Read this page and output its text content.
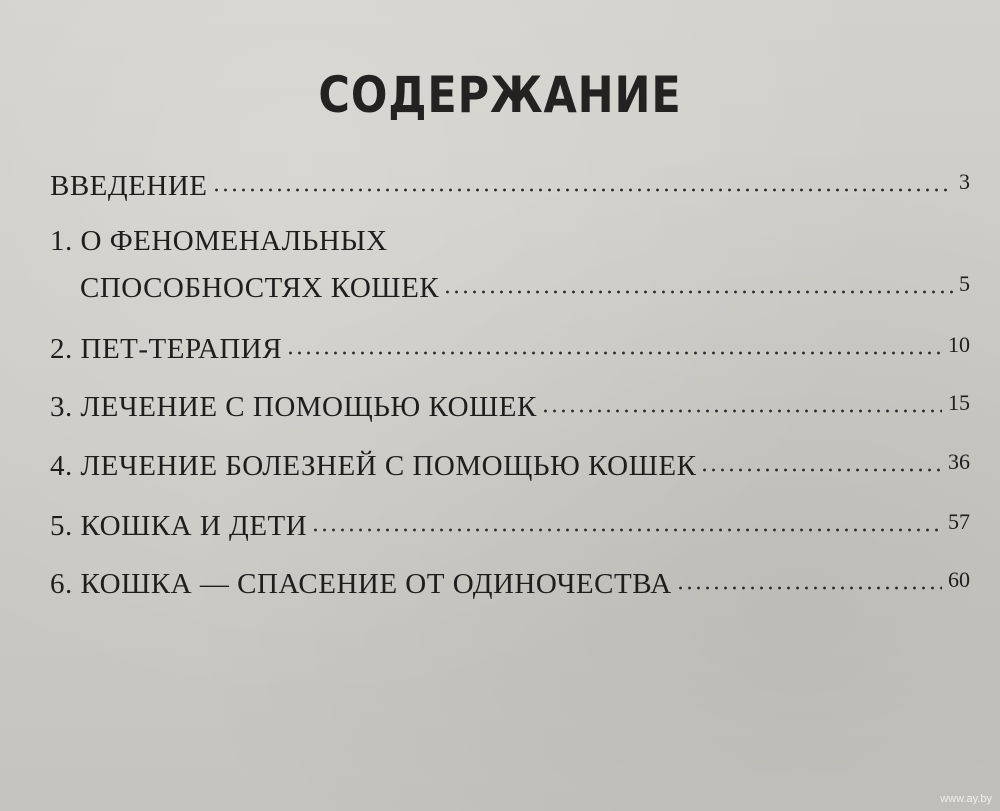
СОДЕРЖАНИЕ
ВВЕДЕНИЕ	3
1. О ФЕНОМЕНАЛЬНЫХ
СПОСОБНОСТЯХ КОШЕК	5
2. ПЕТ-ТЕРАПИЯ	10
3. ЛЕЧЕНИЕ С ПОМОЩЬЮ КОШЕК	15
4. ЛЕЧЕНИЕ БОЛЕЗНЕЙ С ПОМОЩЬЮ КОШЕК	36
5. КОШКА И ДЕТИ	57
6. КОШКА — СПАСЕНИЕ ОТ ОДИНОЧЕСТВА	60
www.ay.by
